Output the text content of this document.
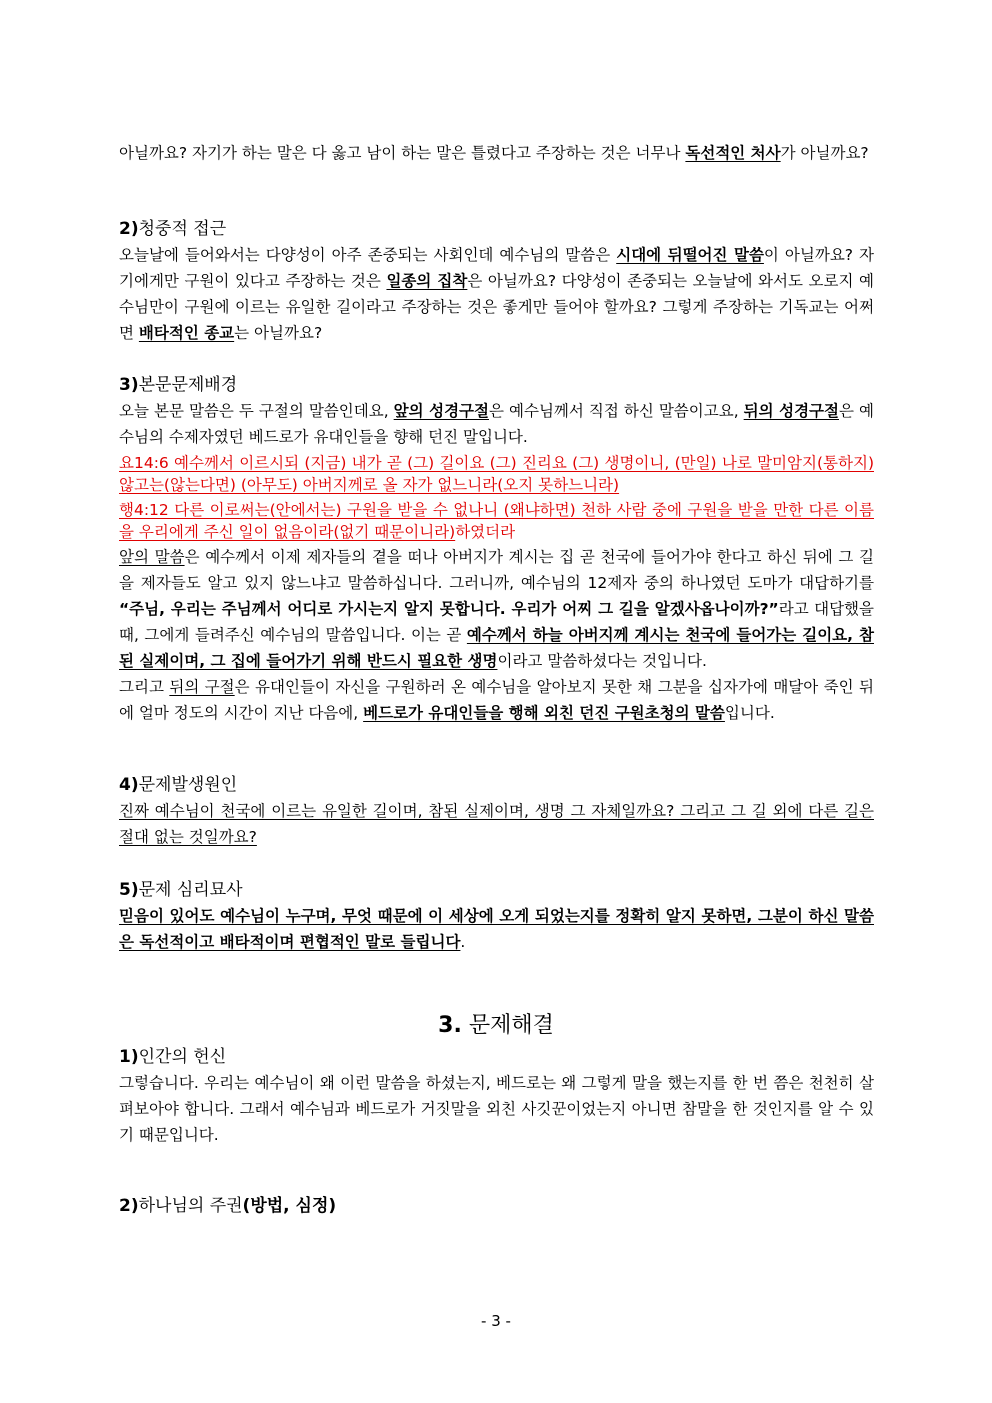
아닐까요? 자기가 하는 말은 다 옳고 남이 하는 말은 틀렸다고 주장하는 것은 너무나 독선적인 처사가 아닐까요?

2)청중적 접근

오늘날에 들어와서는 다양성이 아주 존중되는 사회인데 예수님의 말씀은 시대에 뒤떨어진 말씀이 아닐까요? 자기에게만 구원이 있다고 주장하는 것은 일종의 집착은 아닐까요? 다양성이 존중되는 오늘날에 와서도 오로지 예수님만이 구원에 이르는 유일한 길이라고 주장하는 것은 좋게만 들어야 할까요? 그렇게 주장하는 기독교는 어쩌면 배타적인 종교는 아닐까요?

3)본문문제배경

오늘 본문 말씀은 두 구절의 말씀인데요, 앞의 성경구절은 예수님께서 직접 하신 말씀이고요, 뒤의 성경구절은 예수님의 수제자였던 베드로가 유대인들을 향해 던진 말입니다.

요14:6 예수께서 이르시되 (지금) 내가 곧 (그) 길이요 (그) 진리요 (그) 생명이니, (만일) 나로 말미암지(통하지) 않고는(않는다면) (아무도) 아버지께로 올 자가 없느니라(오지 못하느니라)

행4:12 다른 이로써는(안에서는) 구원을 받을 수 없나니 (왜냐하면) 천하 사람 중에 구원을 받을 만한 다른 이름을 우리에게 주신 일이 없음이라(없기 때문이니라)하였더라

앞의 말씀은 예수께서 이제 제자들의 곁을 떠나 아버지가 계시는 집 곧 천국에 들어가야 한다고 하신 뒤에 그 길을 제자들도 알고 있지 않느냐고 말씀하십니다. 그러니까, 예수님의 12제자 중의 하나였던 도마가 대답하기를 “주님, 우리는 주님께서 어디로 가시는지 알지 못합니다. 우리가 어찌 그 길을 알겠사옵나이까?”라고 대답했을 때, 그에게 들려주신 예수님의 말씀입니다. 이는 곧 예수께서 하늘 아버지께 계시는 천국에 들어가는 길이요, 참된 실제이며, 그 집에 들어가기 위해 반드시 필요한 생명이라고 말씀하셨다는 것입니다.

그리고 뒤의 구절은 유대인들이 자신을 구원하러 온 예수님을 알아보지 못한 채 그분을 십자가에 매달아 죽인 뒤에 얼마 정도의 시간이 지난 다음에, 베드로가 유대인들을 행해 외친 던진 구원초청의 말씀입니다.

4)문제발생원인

진짜 예수님이 천국에 이르는 유일한 길이며, 참된 실제이며, 생명 그 자체일까요? 그리고 그 길 외에 다른 길은 절대 없는 것일까요?

5)문제 심리묘사

믿음이 있어도 예수님이 누구며, 무엇 때문에 이 세상에 오게 되었는지를 정확히 알지 못하면, 그분이 하신 말씀은 독선적이고 배타적이며 편협적인 말로 들립니다.

3. 문제해결

1)인간의 헌신

그렇습니다. 우리는 예수님이 왜 이런 말씀을 하셨는지, 베드로는 왜 그렇게 말을 했는지를 한 번 쯤은 천천히 살펴보아야 합니다. 그래서 예수님과 베드로가 거짓말을 외친 사깃꾼이었는지 아니면 참말을 한 것인지를 알 수 있기 때문입니다.

2)하나님의 주권(방법, 심정)

- 3 -
